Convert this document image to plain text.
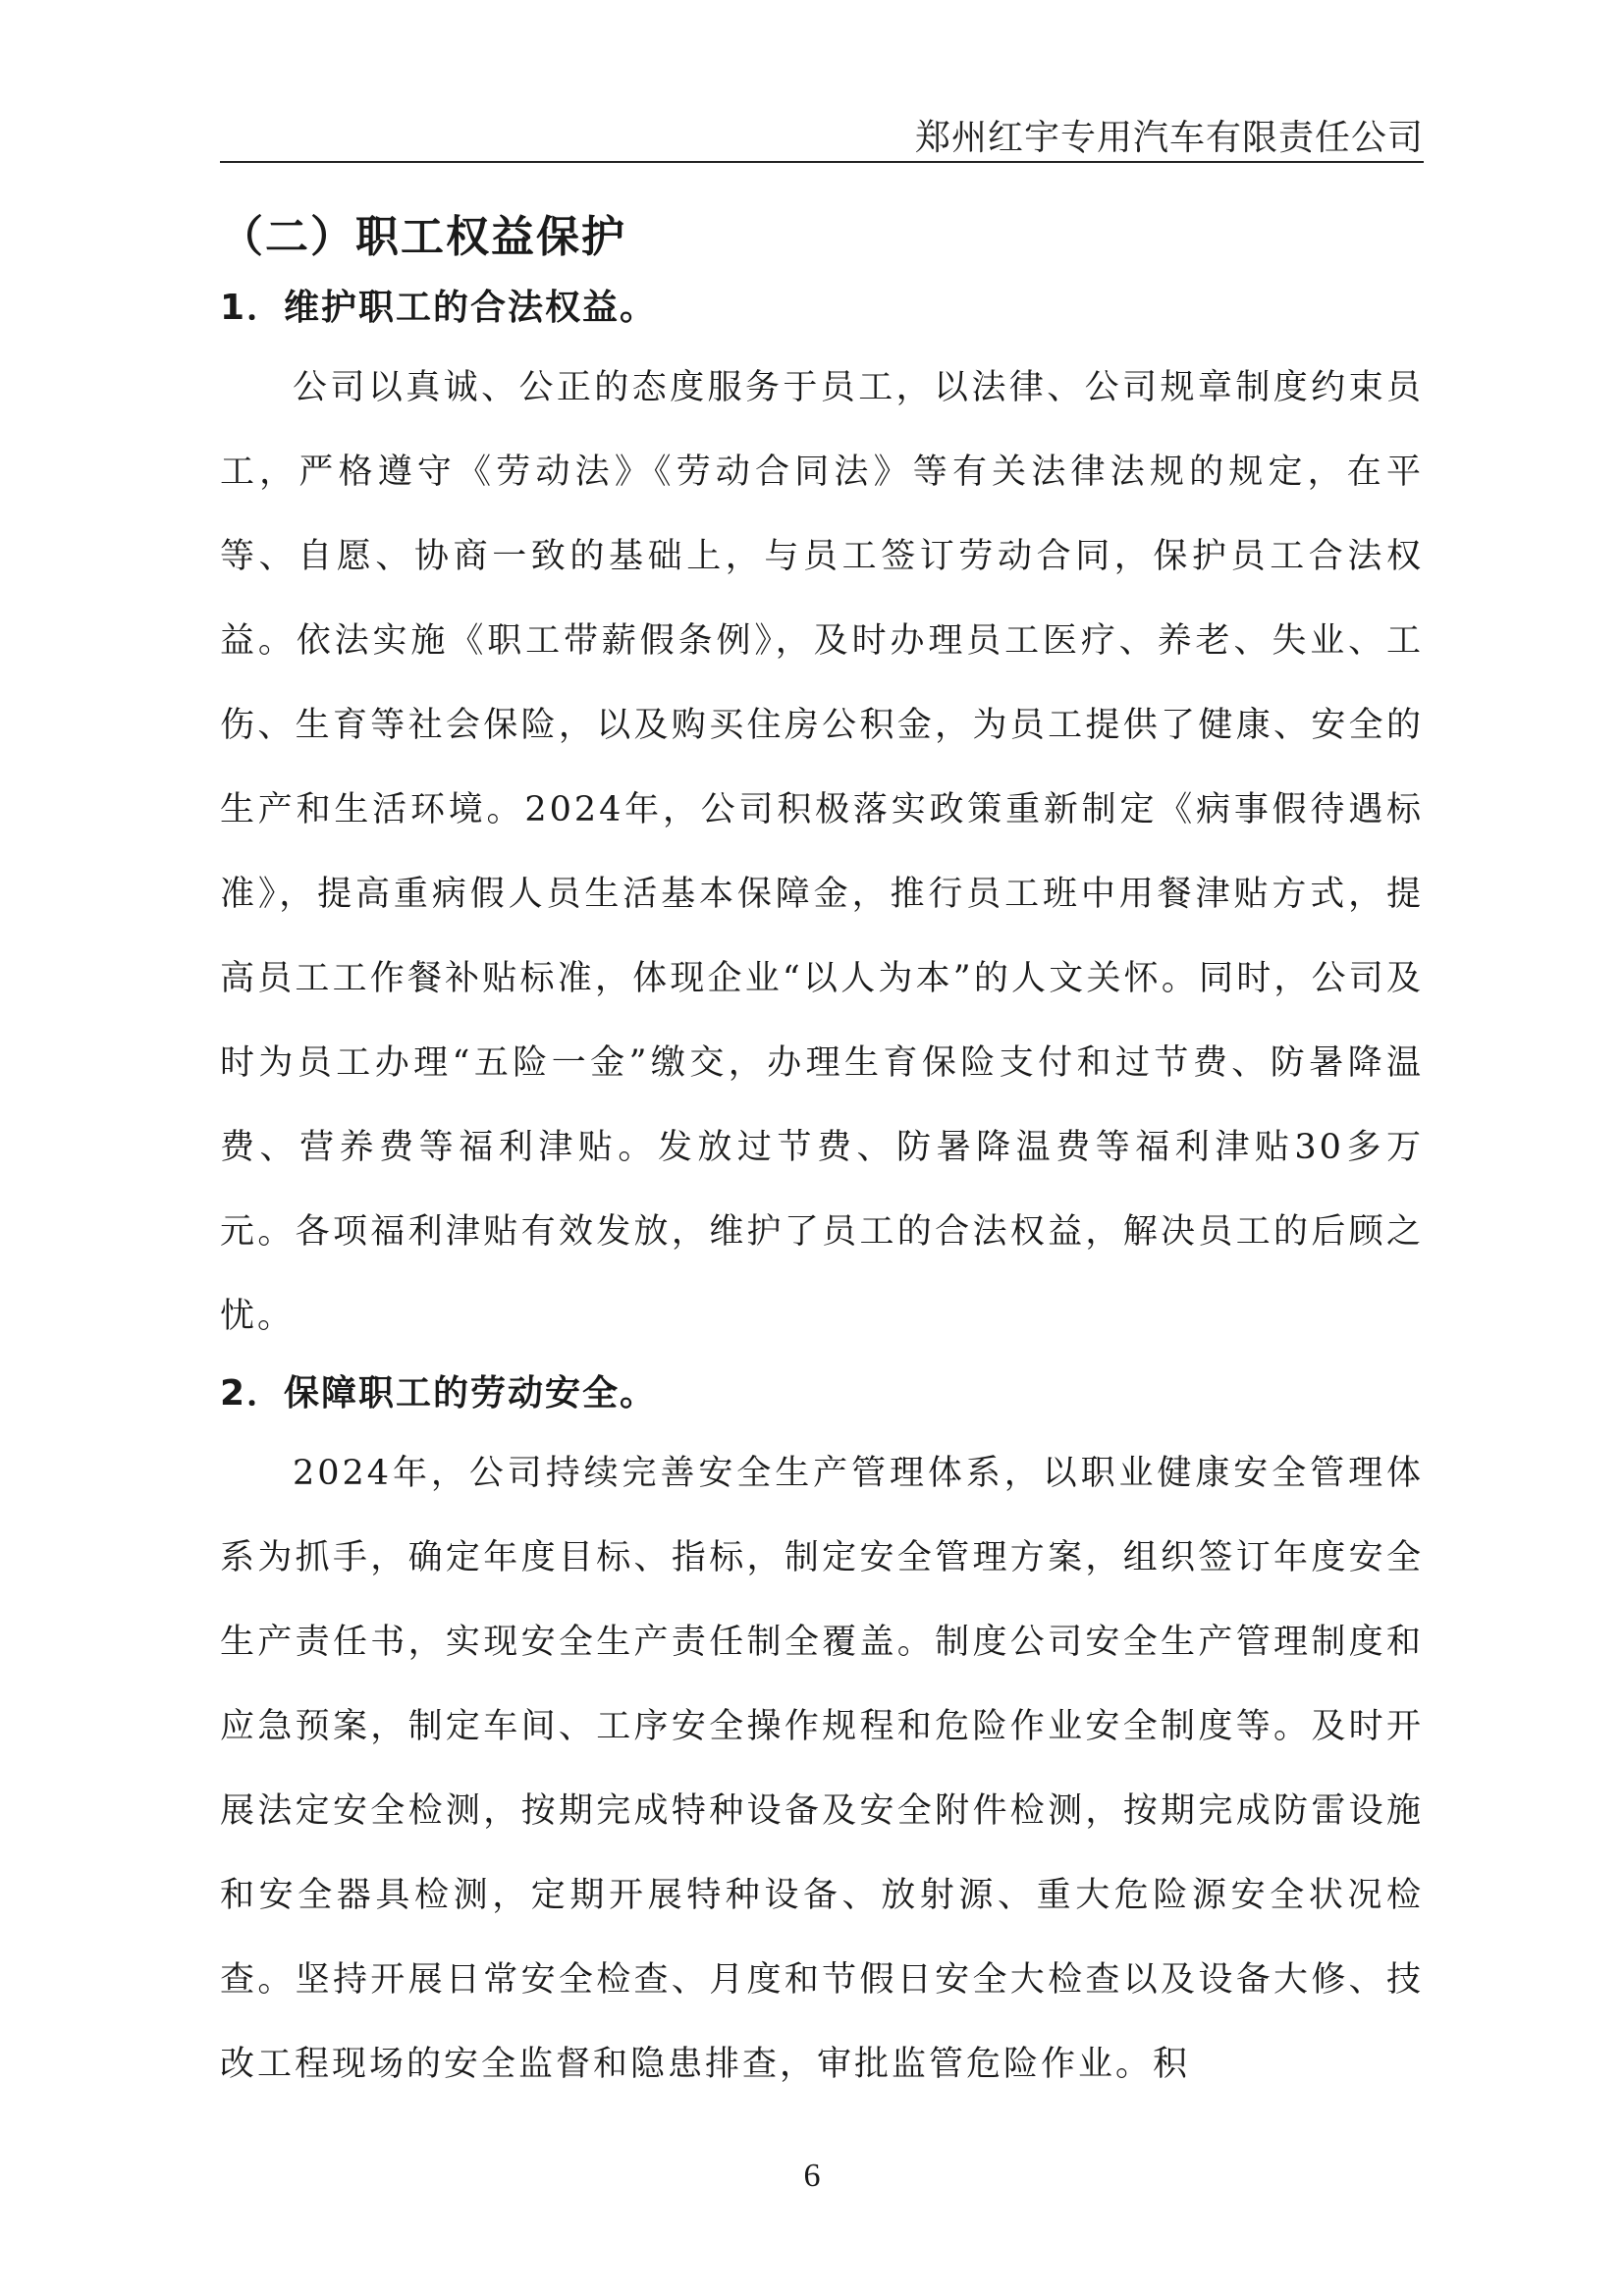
郑州红宇专用汽车有限责任公司
（二）职工权益保护
1．维护职工的合法权益。

公司以真诚、公正的态度服务于员工，以法律、公司规章制度约束员工，严格遵守《劳动法》《劳动合同法》等有关法律法规的规定，在平等、自愿、协商一致的基础上，与员工签订劳动合同，保护员工合法权益。依法实施《职工带薪假条例》，及时办理员工医疗、养老、失业、工伤、生育等社会保险，以及购买住房公积金，为员工提供了健康、安全的生产和生活环境。2024年，公司积极落实政策重新制定《病事假待遇标准》，提高重病假人员生活基本保障金，推行员工班中用餐津贴方式，提高员工工作餐补贴标准，体现企业“以人为本”的人文关怀。同时，公司及时为员工办理“五险一金”缴交，办理生育保险支付和过节费、防暑降温费、营养费等福利津贴。发放过节费、防暑降温费等福利津贴30多万元。各项福利津贴有效发放，维护了员工的合法权益，解决员工的后顾之忧。

2．保障职工的劳动安全。

2024年，公司持续完善安全生产管理体系，以职业健康安全管理体系为抓手，确定年度目标、指标，制定安全管理方案，组织签订年度安全生产责任书，实现安全生产责任制全覆盖。制度公司安全生产管理制度和应急预案，制定车间、工序安全操作规程和危险作业安全制度等。及时开展法定安全检测，按期完成特种设备及安全附件检测，按期完成防雷设施和安全器具检测，定期开展特种设备、放射源、重大危险源安全状况检查。坚持开展日常安全检查、月度和节假日安全大检查以及设备大修、技改工程现场的安全监督和隐患排查，审批监管危险作业。积

6
